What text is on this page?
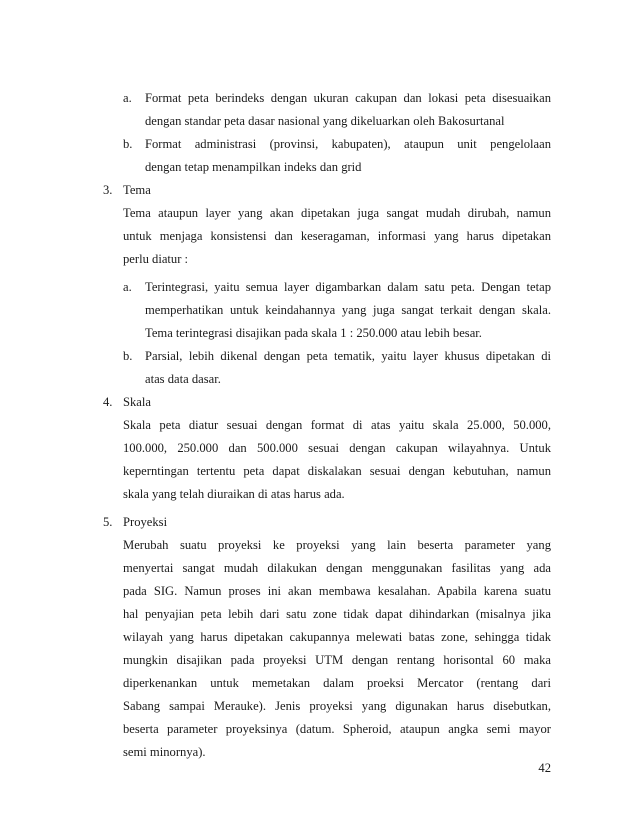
a. Format peta berindeks dengan ukuran cakupan dan lokasi peta disesuaikan
dengan standar peta dasar nasional yang dikeluarkan oleh Bakosurtanal
b. Format administrasi (provinsi, kabupaten), ataupun unit pengelolaan
dengan tetap menampilkan indeks dan grid
3. Tema
Tema ataupun layer yang akan dipetakan juga sangat mudah dirubah, namun
untuk menjaga konsistensi dan keseragaman, informasi yang harus dipetakan
perlu diatur :
a. Terintegrasi, yaitu semua layer digambarkan dalam satu peta. Dengan tetap
memperhatikan untuk keindahannya yang juga sangat terkait dengan skala.
Tema terintegrasi disajikan pada skala 1 : 250.000 atau lebih besar.
b. Parsial, lebih dikenal dengan peta tematik, yaitu layer khusus dipetakan di
atas data dasar.
4. Skala
Skala peta diatur sesuai dengan format di atas yaitu skala 25.000, 50.000,
100.000, 250.000 dan 500.000 sesuai dengan cakupan wilayahnya. Untuk
keperntingan tertentu peta dapat diskalakan sesuai dengan kebutuhan, namun
skala yang telah diuraikan di atas harus ada.
5. Proyeksi
Merubah suatu proyeksi ke proyeksi yang lain beserta parameter yang
menyertai sangat mudah dilakukan dengan menggunakan fasilitas yang ada
pada SIG. Namun proses ini akan membawa kesalahan. Apabila karena suatu
hal penyajian peta lebih dari satu zone tidak dapat dihindarkan (misalnya jika
wilayah yang harus dipetakan cakupannya melewati batas zone, sehingga tidak
mungkin disajikan pada proyeksi UTM dengan rentang horisontal 60 maka
diperkenankan untuk memetakan dalam proeksi Mercator (rentang dari
Sabang sampai Merauke). Jenis proyeksi yang digunakan harus disebutkan,
beserta parameter proyeksinya (datum. Spheroid, ataupun angka semi mayor
semi minornya).
42
